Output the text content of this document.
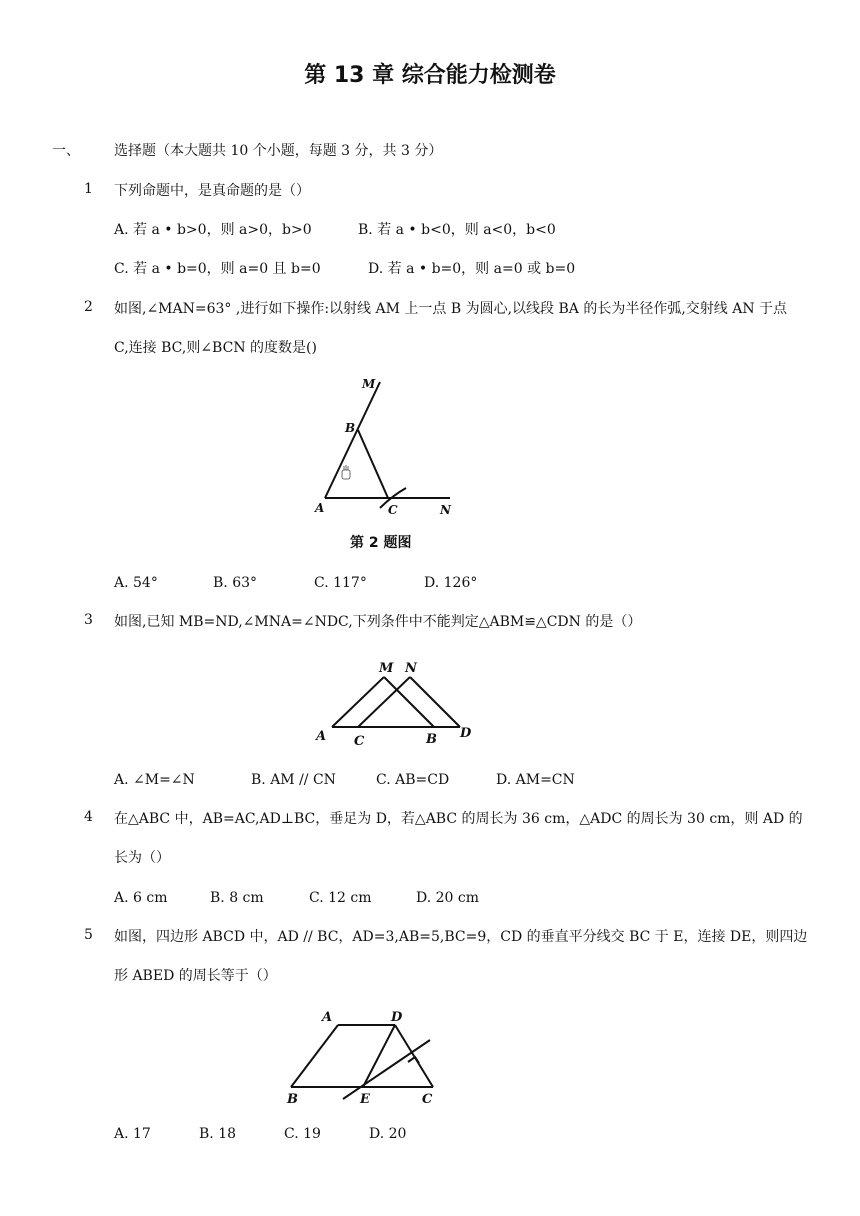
第 13 章 综合能力检测卷
一、 选择题（本大题共 10 个小题，每题 3 分，共 3 分）
1 下列命题中，是真命题的是（）
A. 若 a • b>0，则 a>0，b>0	B. 若 a • b<0，则 a<0，b<0
C. 若 a • b=0，则 a=0 且 b=0	D. 若 a • b=0，则 a=0 或 b=0
2 如图,∠MAN=63° ,进行如下操作:以射线 AM 上一点 B 为圆心,以线段 BA 的长为半径作弧,交射线 AN 于点
C,连接 BC,则∠BCN 的度数是()
M
B
A	C	N
第 2 题图
A. 54°	B. 63°	C. 117°	D. 126°
3 如图,已知 MB=ND,∠MNA=∠NDC,下列条件中不能判定△ABM≌△CDN 的是（）
M N
A C	B D
A. ∠M=∠N	B. AM // CN	C. AB=CD	D. AM=CN
4 在△ABC 中，AB=AC,AD⊥BC，垂足为 D，若△ABC 的周长为 36 cm，△ADC 的周长为 30 cm，则 AD 的
长为（）
A. 6 cm	B. 8 cm	C. 12 cm	D. 20 cm
5 如图，四边形 ABCD 中，AD // BC，AD=3,AB=5,BC=9，CD 的垂直平分线交 BC 于 E，连接 DE，则四边
形 ABED 的周长等于（）
A	D
B	E	C
A. 17	B. 18	C. 19	D. 20
